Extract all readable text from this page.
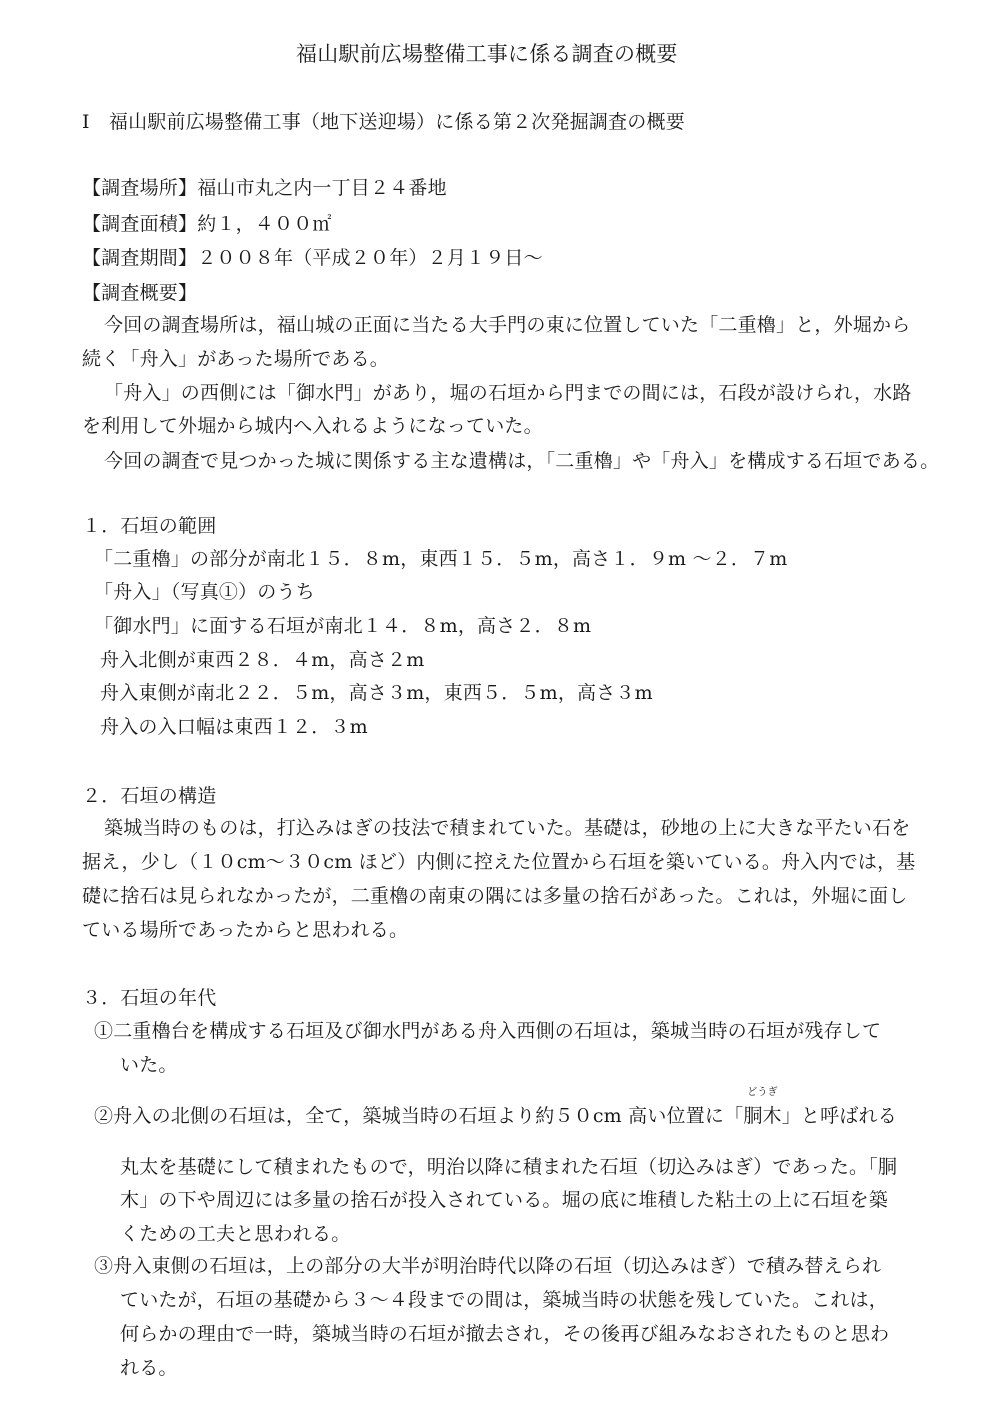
福山駅前広場整備工事に係る調査の概要
Ⅰ　福山駅前広場整備工事（地下送迎場）に係る第２次発掘調査の概要
【調査場所】福山市丸之内一丁目２４番地
【調査面積】約１，４００㎡
【調査期間】２００８年（平成２０年）２月１９日～
【調査概要】
今回の調査場所は，福山城の正面に当たる大手門の東に位置していた「二重櫓」と，外堀から
続く「舟入」があった場所である。
「舟入」の西側には「御水門」があり，堀の石垣から門までの間には，石段が設けられ，水路
を利用して外堀から城内へ入れるようになっていた。
今回の調査で見つかった城に関係する主な遺構は，「二重櫓」や「舟入」を構成する石垣である。
１．石垣の範囲
「二重櫓」の部分が南北１５．８m，東西１５．５m，高さ１．９m ～２．７m
「舟入」（写真①）のうち
「御水門」に面する石垣が南北１４．８m，高さ２．８m
舟入北側が東西２８．４m，高さ２m
舟入東側が南北２２．５m，高さ３m，東西５．５m，高さ３m
舟入の入口幅は東西１２．３m
２．石垣の構造
築城当時のものは，打込みはぎの技法で積まれていた。基礎は，砂地の上に大きな平たい石を
据え，少し（１０cm～３０cm ほど）内側に控えた位置から石垣を築いている。舟入内では，基
礎に捨石は見られなかったが，二重櫓の南東の隅には多量の捨石があった。これは，外堀に面し
ている場所であったからと思われる。
３．石垣の年代
①二重櫓台を構成する石垣及び御水門がある舟入西側の石垣は，築城当時の石垣が残存して
いた。
②舟入の北側の石垣は，全て，築城当時の石垣より約５０cm 高い位置に「
どうぎ
胴木」と呼ばれる
丸太を基礎にして積まれたもので，明治以降に積まれた石垣（切込みはぎ）であった。「胴
木」の下や周辺には多量の捨石が投入されている。堀の底に堆積した粘土の上に石垣を築
くための工夫と思われる。
③舟入東側の石垣は，上の部分の大半が明治時代以降の石垣（切込みはぎ）で積み替えられ
ていたが，石垣の基礎から３～４段までの間は，築城当時の状態を残していた。これは，
何らかの理由で一時，築城当時の石垣が撤去され，その後再び組みなおされたものと思わ
れる。
